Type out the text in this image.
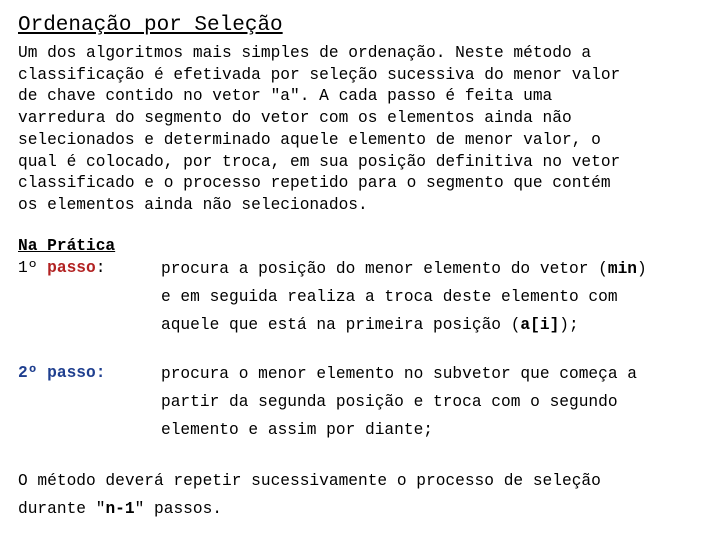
Ordenação por Seleção

Um dos algoritmos mais simples de ordenação. Neste método a
classificação é efetivada por seleção sucessiva do menor valor
de chave contido no vetor "a". A cada passo é feita uma
varredura do segmento do vetor com os elementos ainda não
selecionados e determinado aquele elemento de menor valor, o
qual é colocado, por troca, em sua posição definitiva no vetor
classificado e o processo repetido para o segmento que contém
os elementos ainda não selecionados.

Na Prática

1º passo:	procura a posição do menor elemento do vetor (min)
e em seguida realiza a troca deste elemento com
aquele que está na primeira posição (a[i]);
2º passo:	procura o menor elemento no subvetor que começa a
partir da segunda posição e troca com o segundo
elemento e assim por diante;

O método deverá repetir sucessivamente o processo de seleção
durante "n-1" passos.
